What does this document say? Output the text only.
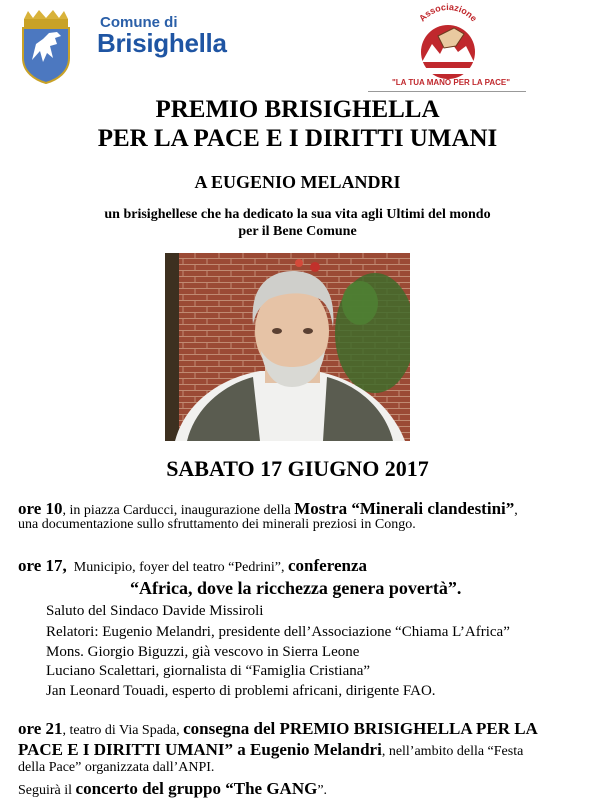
Comune di
Brisighella
Associazione
"LA TUA MANO PER LA PACE"
PREMIO BRISIGHELLA
PER LA PACE E I DIRITTI UMANI
A EUGENIO MELANDRI
un brisighellese che ha dedicato la sua vita agli Ultimi del mondo
per il Bene Comune
SABATO 17 GIUGNO 2017
ore 10, in piazza Carducci, inaugurazione della Mostra “Minerali clandestini”,
una documentazione sullo sfruttamento dei minerali preziosi in Congo.
ore 17,  Municipio, foyer del teatro “Pedrini”, conferenza
“Africa, dove la ricchezza genera povertà”.
Saluto del Sindaco Davide Missiroli
Relatori: Eugenio Melandri, presidente dell’Associazione “Chiama L’Africa”
Mons. Giorgio Biguzzi, già vescovo in Sierra Leone
Luciano Scalettari, giornalista di “Famiglia Cristiana”
Jan Leonard Touadi, esperto di problemi africani, dirigente FAO.
ore 21, teatro di Via Spada, consegna del PREMIO BRISIGHELLA PER LA
PACE E I DIRITTI UMANI” a Eugenio Melandri, nell’ambito della “Festa
della Pace” organizzata dall’ANPI.
Seguirà il concerto del gruppo “The GANG”.
